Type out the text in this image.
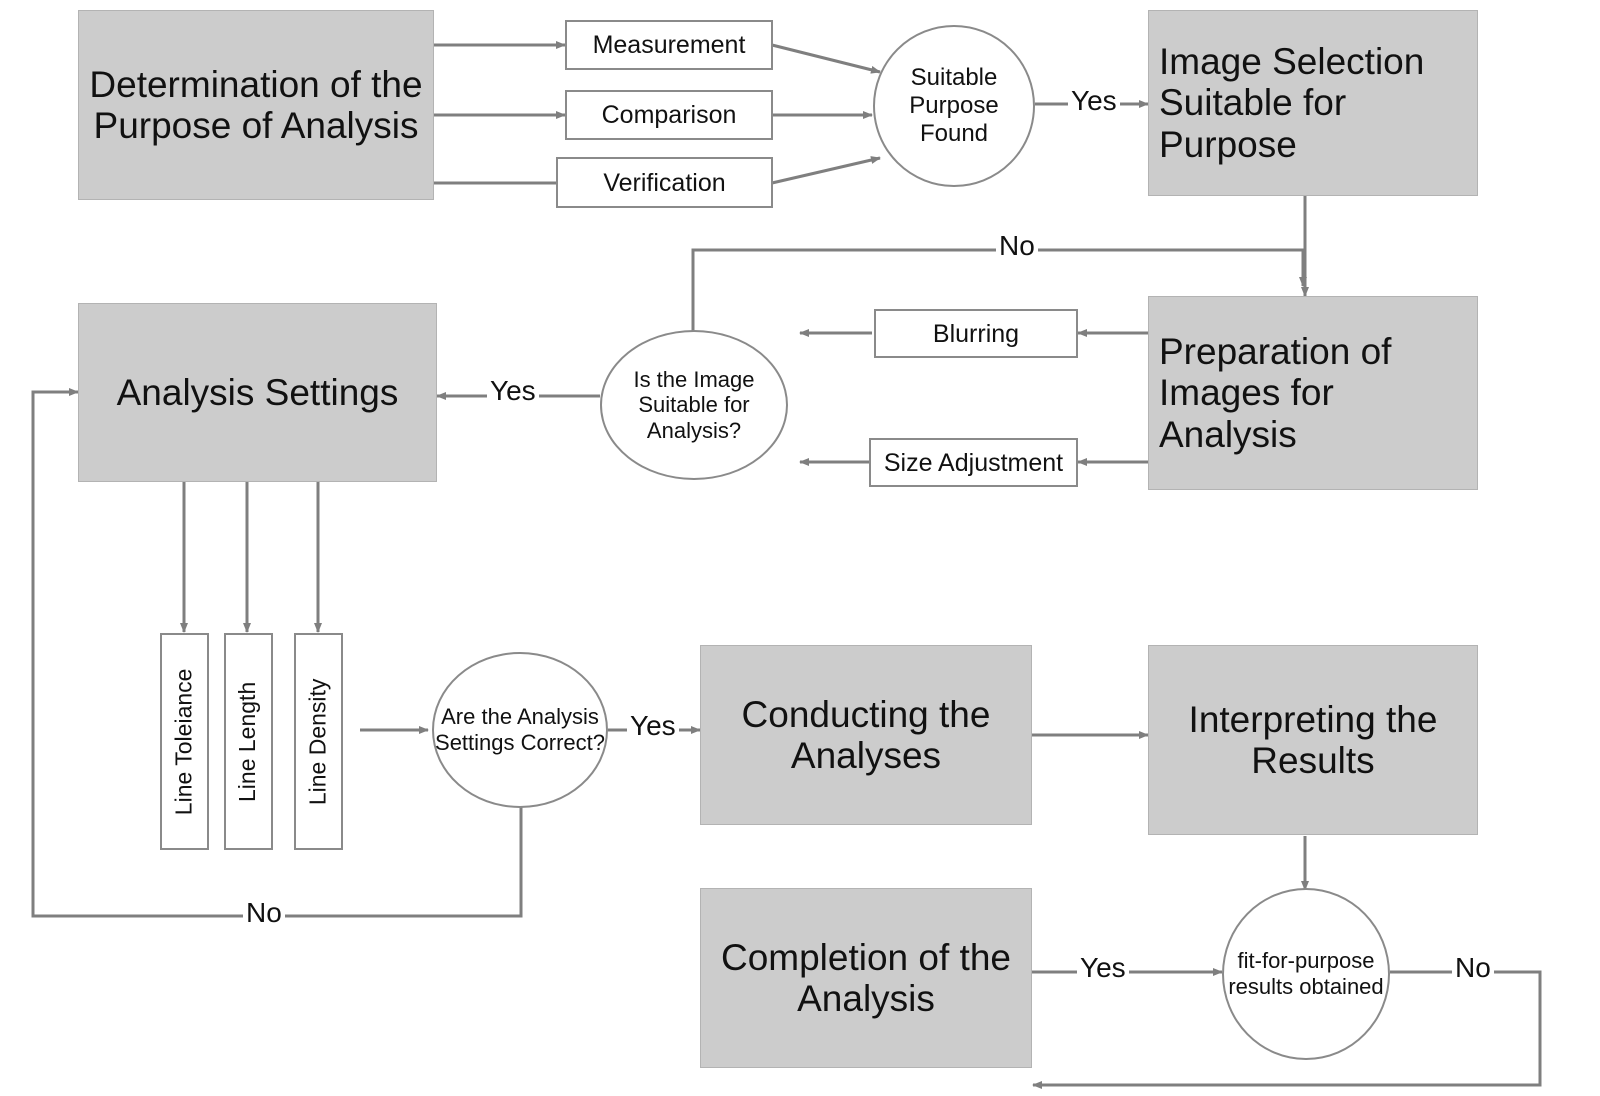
Determination of the Purpose of Analysis
Image Selection Suitable for Purpose
Preparation of Images for Analysis
Analysis Settings
Conducting the Analyses
Interpreting the Results
Completion of the Analysis
Measurement
Comparison
Verification
Blurring
Size Adjustment
Line Toleiance Line Length Line Density
Suitable Purpose Found
Is the Image Suitable for Analysis?
Are the Analysis Settings Correct?
fit-for-purpose results obtained
Yes
No
Yes
Yes
No
Yes	No
